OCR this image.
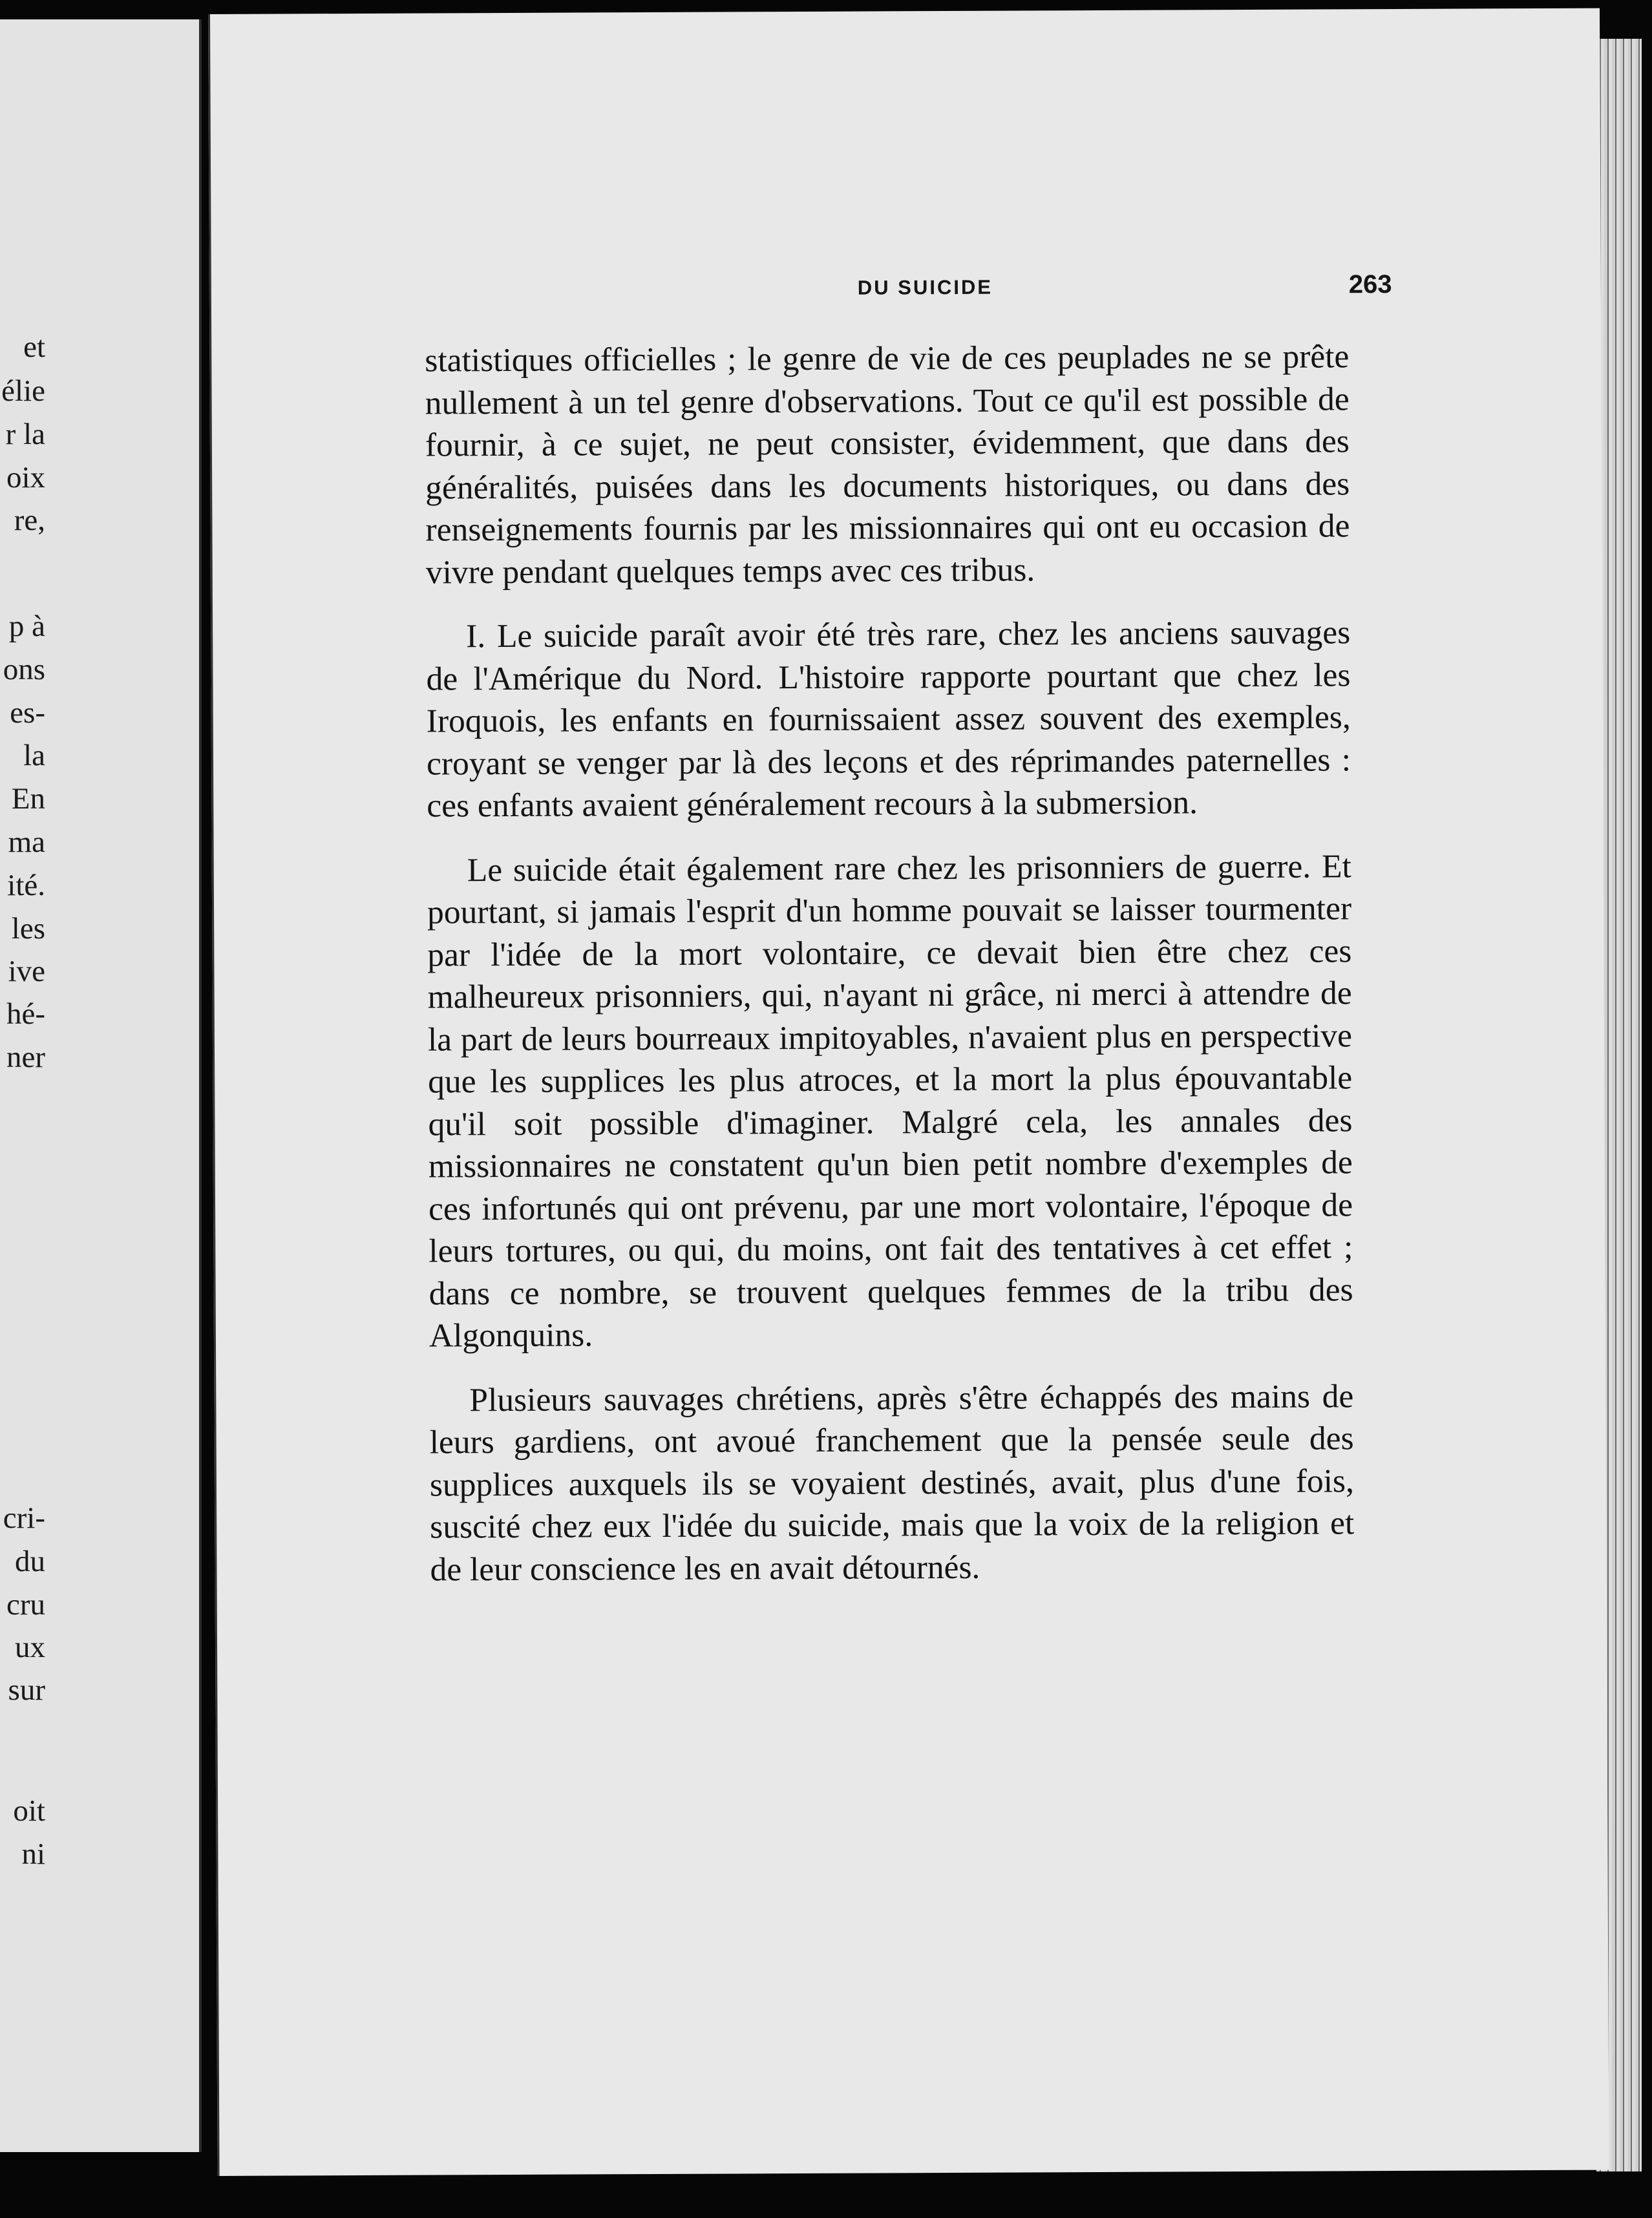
et
élie
r la
oix
re,
p à
ons
es-
la
En
ma
ité.
les
ive
hé-
ner
cri-
du
cru
ux
sur
oit
ni
DU SUICIDE	263

statistiques officielles ; le genre de vie de ces peuplades ne se prête nullement à un tel genre d'observations. Tout ce qu'il est possible de fournir, à ce sujet, ne peut consister, évidemment, que dans des généralités, puisées dans les documents historiques, ou dans des renseignements fournis par les missionnaires qui ont eu occasion de vivre pendant quelques temps avec ces tribus.

I. Le suicide paraît avoir été très rare, chez les anciens sauvages de l'Amérique du Nord. L'histoire rapporte pourtant que chez les Iroquois, les enfants en fournissaient assez souvent des exemples, croyant se venger par là des leçons et des réprimandes paternelles : ces enfants avaient généralement recours à la submersion.

Le suicide était également rare chez les prisonniers de guerre. Et pourtant, si jamais l'esprit d'un homme pouvait se laisser tourmenter par l'idée de la mort volontaire, ce devait bien être chez ces malheureux prisonniers, qui, n'ayant ni grâce, ni merci à attendre de la part de leurs bourreaux impitoyables, n'avaient plus en perspective que les supplices les plus atroces, et la mort la plus épouvantable qu'il soit possible d'imaginer. Malgré cela, les annales des missionnaires ne constatent qu'un bien petit nombre d'exemples de ces infortunés qui ont prévenu, par une mort volontaire, l'époque de leurs tortures, ou qui, du moins, ont fait des tentatives à cet effet ; dans ce nombre, se trouvent quelques femmes de la tribu des Algonquins.

Plusieurs sauvages chrétiens, après s'être échappés des mains de leurs gardiens, ont avoué franchement que la pensée seule des supplices auxquels ils se voyaient destinés, avait, plus d'une fois, suscité chez eux l'idée du suicide, mais que la voix de la religion et de leur conscience les en avait détournés.
